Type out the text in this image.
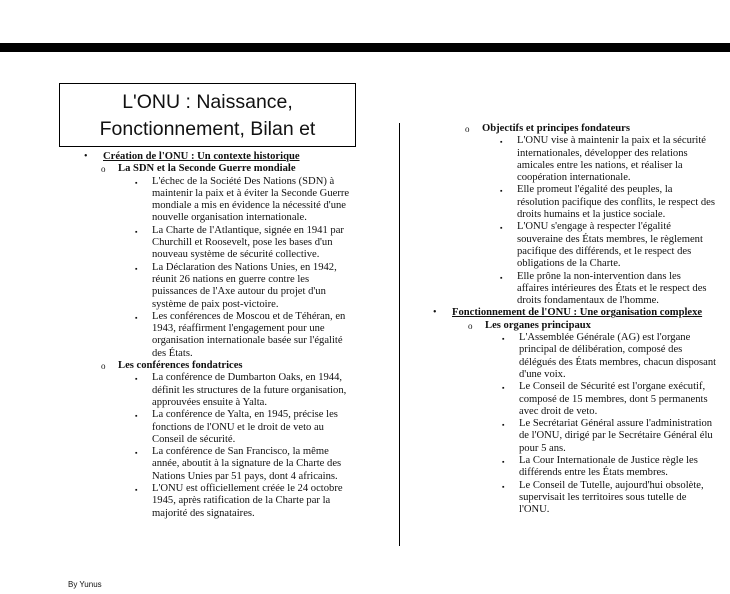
L'ONU : Naissance,
Fonctionnement, Bilan et
• Création de l'ONU : Un contexte historique
o La SDN et la Seconde Guerre mondiale
▪ L'échec de la Société Des Nations (SDN) à
maintenir la paix et à éviter la Seconde Guerre
mondiale a mis en évidence la nécessité d'une
nouvelle organisation internationale.
▪ La Charte de l'Atlantique, signée en 1941 par
Churchill et Roosevelt, pose les bases d'un
nouveau système de sécurité collective.
▪ La Déclaration des Nations Unies, en 1942,
réunit 26 nations en guerre contre les
puissances de l'Axe autour du projet d'un
système de paix post-victoire.
▪ Les conférences de Moscou et de Téhéran, en
1943, réaffirment l'engagement pour une
organisation internationale basée sur l'égalité
des États.
o Les conférences fondatrices
▪ La conférence de Dumbarton Oaks, en 1944,
définit les structures de la future organisation,
approuvées ensuite à Yalta.
▪ La conférence de Yalta, en 1945, précise les
fonctions de l'ONU et le droit de veto au
Conseil de sécurité.
▪ La conférence de San Francisco, la même
année, aboutit à la signature de la Charte des
Nations Unies par 51 pays, dont 4 africains.
▪ L'ONU est officiellement créée le 24 octobre
1945, après ratification de la Charte par la
majorité des signataires.
o Objectifs et principes fondateurs
▪ L'ONU vise à maintenir la paix et la sécurité
internationales, développer des relations
amicales entre les nations, et réaliser la
coopération internationale.
▪ Elle promeut l'égalité des peuples, la
résolution pacifique des conflits, le respect des
droits humains et la justice sociale.
▪ L'ONU s'engage à respecter l'égalité
souveraine des États membres, le règlement
pacifique des différends, et le respect des
obligations de la Charte.
▪ Elle prône la non-intervention dans les
affaires intérieures des États et le respect des
droits fondamentaux de l'homme.
• Fonctionnement de l'ONU : Une organisation complexe
o Les organes principaux
▪ L'Assemblée Générale (AG) est l'organe
principal de délibération, composé des
délégués des États membres, chacun disposant
d'une voix.
▪ Le Conseil de Sécurité est l'organe exécutif,
composé de 15 membres, dont 5 permanents
avec droit de veto.
▪ Le Secrétariat Général assure l'administration
de l'ONU, dirigé par le Secrétaire Général élu
pour 5 ans.
▪ La Cour Internationale de Justice règle les
différends entre les États membres.
▪ Le Conseil de Tutelle, aujourd'hui obsolète,
supervisait les territoires sous tutelle de
l'ONU.
By Yunus
